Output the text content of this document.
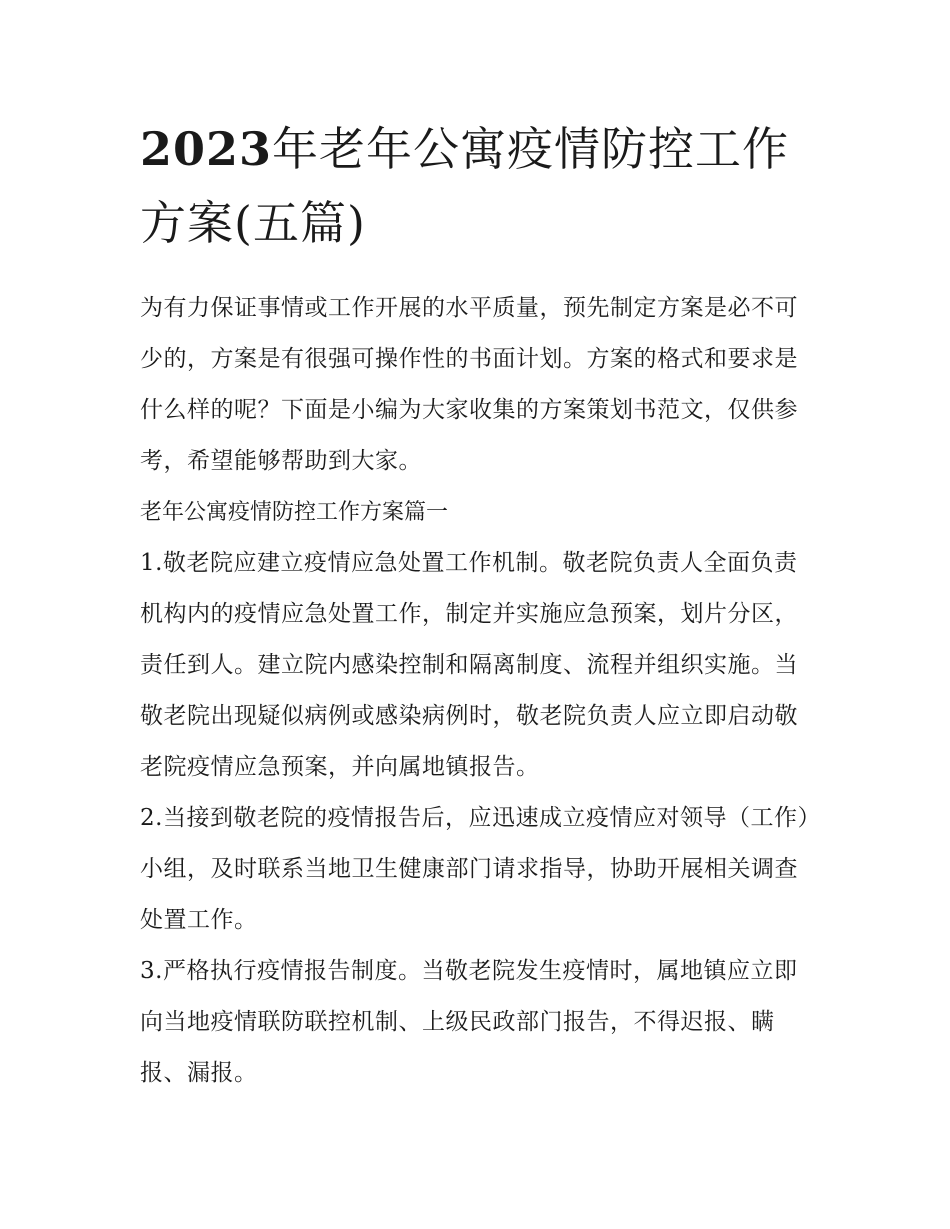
2023年老年公寓疫情防控工作方案(五篇)

为有力保证事情或工作开展的水平质量，预先制定方案是必不可少的，方案是有很强可操作性的书面计划。方案的格式和要求是什么样的呢？下面是小编为大家收集的方案策划书范文，仅供参考，希望能够帮助到大家。

老年公寓疫情防控工作方案篇一

1.敬老院应建立疫情应急处置工作机制。敬老院负责人全面负责机构内的疫情应急处置工作，制定并实施应急预案，划片分区，责任到人。建立院内感染控制和隔离制度、流程并组织实施。当敬老院出现疑似病例或感染病例时，敬老院负责人应立即启动敬老院疫情应急预案，并向属地镇报告。

2.当接到敬老院的疫情报告后，应迅速成立疫情应对领导（工作）小组，及时联系当地卫生健康部门请求指导，协助开展相关调查处置工作。

3.严格执行疫情报告制度。当敬老院发生疫情时，属地镇应立即向当地疫情联防联控机制、上级民政部门报告，不得迟报、瞒报、漏报。
